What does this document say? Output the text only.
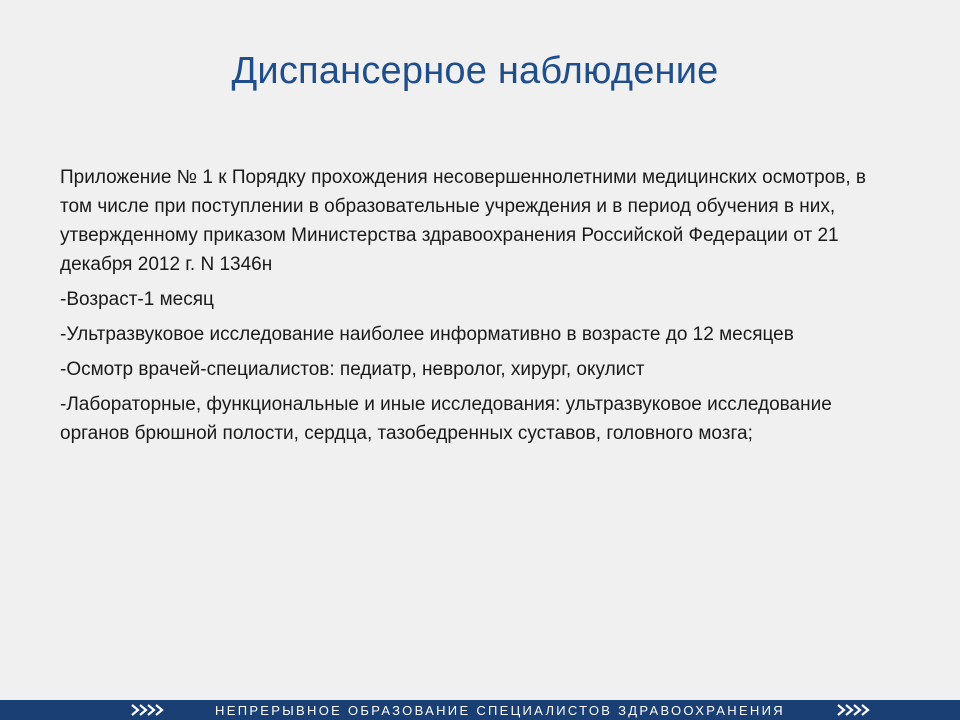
Диспансерное наблюдение

Приложение № 1 к Порядку прохождения несовершеннолетними медицинских осмотров, в том числе при поступлении в образовательные учреждения и в период обучения в них, утвержденному приказом Министерства здравоохранения Российской Федерации от 21 декабря 2012 г. N 1346н

-Возраст-1 месяц

-Ультразвуковое исследование наиболее информативно в возрасте до 12 месяцев

-Осмотр врачей-специалистов: педиатр, невролог, хирург, окулист

-Лабораторные, функциональные и иные исследования: ультразвуковое исследование органов брюшной полости, сердца, тазобедренных суставов, головного мозга;

НЕПРЕРЫВНОЕ ОБРАЗОВАНИЕ СПЕЦИАЛИСТОВ ЗДРАВООХРАНЕНИЯ
